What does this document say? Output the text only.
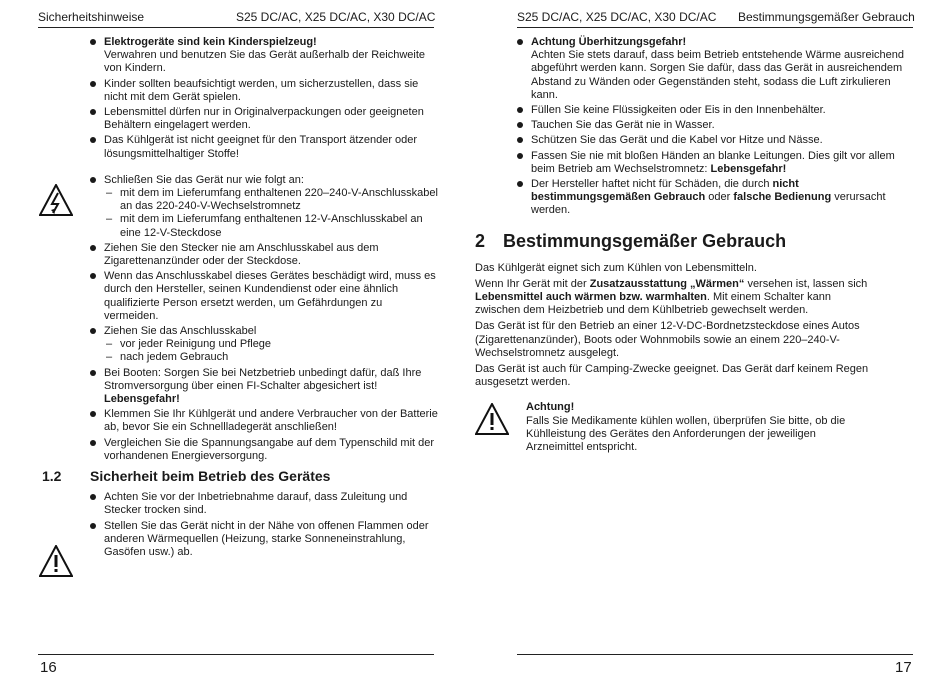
Sicherheitshinweise	S25 DC/AC, X25 DC/AC, X30 DC/AC
Elektrogeräte sind kein Kinderspielzeug!
Verwahren und benutzen Sie das Gerät außerhalb der Reichweite von Kindern.
Kinder sollten beaufsichtigt werden, um sicherzustellen, dass sie nicht mit dem Gerät spielen.
Lebensmittel dürfen nur in Originalverpackungen oder geeigneten Behältern eingelagert werden.
Das Kühlgerät ist nicht geeignet für den Transport ätzender oder lösungsmittelhaltiger Stoffe!
Schließen Sie das Gerät nur wie folgt an:
– mit dem im Lieferumfang enthaltenen 220–240-V-Anschlusskabel an das 220-240-V-Wechselstromnetz
– mit dem im Lieferumfang enthaltenen 12-V-Anschlusskabel an eine 12-V-Steckdose
Ziehen Sie den Stecker nie am Anschlusskabel aus dem Zigarettenanzünder oder der Steckdose.
Wenn das Anschlusskabel dieses Gerätes beschädigt wird, muss es durch den Hersteller, seinen Kundendienst oder eine ähnlich qualifizierte Person ersetzt werden, um Gefährdungen zu vermeiden.
Ziehen Sie das Anschlusskabel
– vor jeder Reinigung und Pflege
– nach jedem Gebrauch
Bei Booten: Sorgen Sie bei Netzbetrieb unbedingt dafür, daß Ihre Stromversorgung über einen FI-Schalter abgesichert ist!
Lebensgefahr!
Klemmen Sie Ihr Kühlgerät und andere Verbraucher von der Batterie ab, bevor Sie ein Schnellladegerät anschließen!
Vergleichen Sie die Spannungsangabe auf dem Typenschild mit der vorhandenen Energieversorgung.
1.2 Sicherheit beim Betrieb des Gerätes
Achten Sie vor der Inbetriebnahme darauf, dass Zuleitung und Stecker trocken sind.
Stellen Sie das Gerät nicht in der Nähe von offenen Flammen oder anderen Wärmequellen (Heizung, starke Sonneneinstrahlung, Gasöfen usw.) ab.
16
S25 DC/AC, X25 DC/AC, X30 DC/AC Bestimmungsgemäßer Gebrauch
Achtung Überhitzungsgefahr!
Achten Sie stets darauf, dass beim Betrieb entstehende Wärme ausreichend abgeführt werden kann. Sorgen Sie dafür, dass das Gerät in ausreichendem Abstand zu Wänden oder Gegenständen steht, sodass die Luft zirkulieren kann.
Füllen Sie keine Flüssigkeiten oder Eis in den Innenbehälter.
Tauchen Sie das Gerät nie in Wasser.
Schützen Sie das Gerät und die Kabel vor Hitze und Nässe.
Fassen Sie nie mit bloßen Händen an blanke Leitungen. Dies gilt vor allem beim Betrieb am Wechselstromnetz: Lebensgefahr!
Der Hersteller haftet nicht für Schäden, die durch nicht bestimmungsgemäßen Gebrauch oder falsche Bedienung verursacht werden.
2 Bestimmungsgemäßer Gebrauch

Das Kühlgerät eignet sich zum Kühlen von Lebensmitteln.

Wenn Ihr Gerät mit der Zusatzausstattung „Wärmen“ versehen ist, lassen sich Lebensmittel auch wärmen bzw. warmhalten. Mit einem Schalter kann zwischen dem Heizbetrieb und dem Kühlbetrieb gewechselt werden.

Das Gerät ist für den Betrieb an einer 12-V-DC-Bordnetzsteckdose eines Autos (Zigarettenanzünder), Boots oder Wohnmobils sowie an einem 220–240-V-Wechselstromnetz ausgelegt.

Das Gerät ist auch für Camping-Zwecke geeignet. Das Gerät darf keinem Regen ausgesetzt werden.

Achtung!
Falls Sie Medikamente kühlen wollen, überprüfen Sie bitte, ob die Kühlleistung des Gerätes den Anforderungen der jeweiligen Arzneimittel entspricht.
17
